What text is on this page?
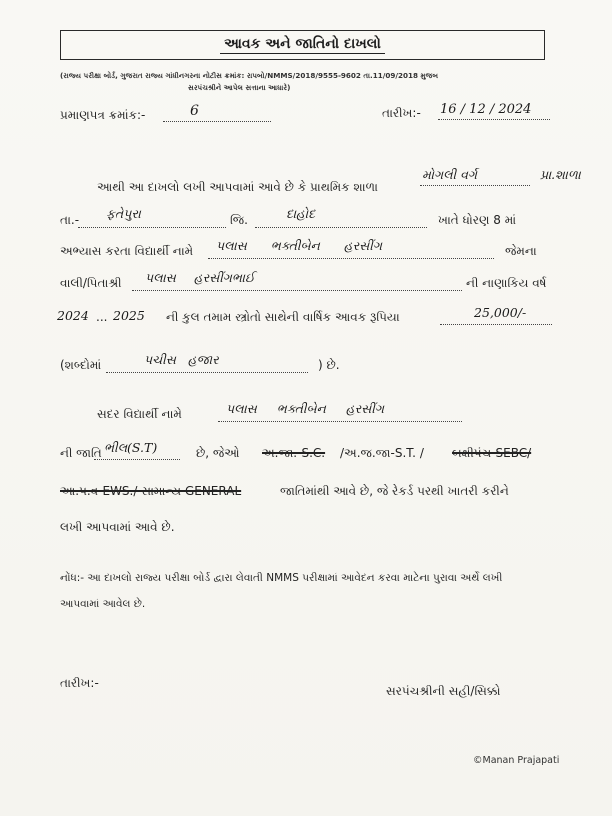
આવક અને જાતિનો દાખલો
(રાજ્ય પરીક્ષા બોર્ડ, ગુજરાત રાજ્ય ગાંધીનગરના નોટીસ ક્રમાંક: રાપબો/NMMS/2018/9555-9602 તા.11/09/2018 મુજબ
સરપંચશ્રીને આપેલ સત્તાના આધારે)
પ્રમાણપત્ર ક્રમાંક:-	6	તારીખ:- 16 / 12 / 2024
આથી આ દાખલો લખી આપવામાં આવે છે કે પ્રાથમિક શાળા
મોગલી વર્ગ	પ્રા.શાળા
તા.- ફતેપુરા	જિ.	દાહોદ	ખાતે ધોરણ 8 માં
અભ્યાસ કરતા વિદ્યાર્થી નામે પલાસ ભક્તીબેન હરસીંગ	જેમના
વાલી/પિતાશ્રી પલાસ હરસીંગભાઈ	ની નાણાકિય વર્ષ
2024 ... 2025 ની કુલ તમામ સ્ત્રોતો સાથેની વાર્ષિક આવક રૂપિયા	25,000/-
(શબ્દોમાં	પચીસ હજાર	) છે.
સદર વિદ્યાર્થી નામે	પલાસ ભક્તીબેન હરસીંગ
ની જાતિ ભીલ(S.T)	છે, જેઓ અ.જા.-S.C. /અ.જ.જા-S.T. / બક્ષીપંચ-SEBC/
આ.પ.વ-EWS./ સામાન્ય GENERAL	જાતિમાંથી આવે છે, જે રેકર્ડ પરથી ખાતરી કરીને
લખી આપવામાં આવે છે.
નોંધ:- આ દાખલો રાજ્ય પરીક્ષા બોર્ડ દ્વારા લેવાતી NMMS પરીક્ષામાં આવેદન કરવા માટેના પુરાવા અર્થે લખી
આપવામાં આવેલ છે.
તારીખ:-
સરપંચશ્રીની સહી/સિક્કો
©Manan Prajapati
